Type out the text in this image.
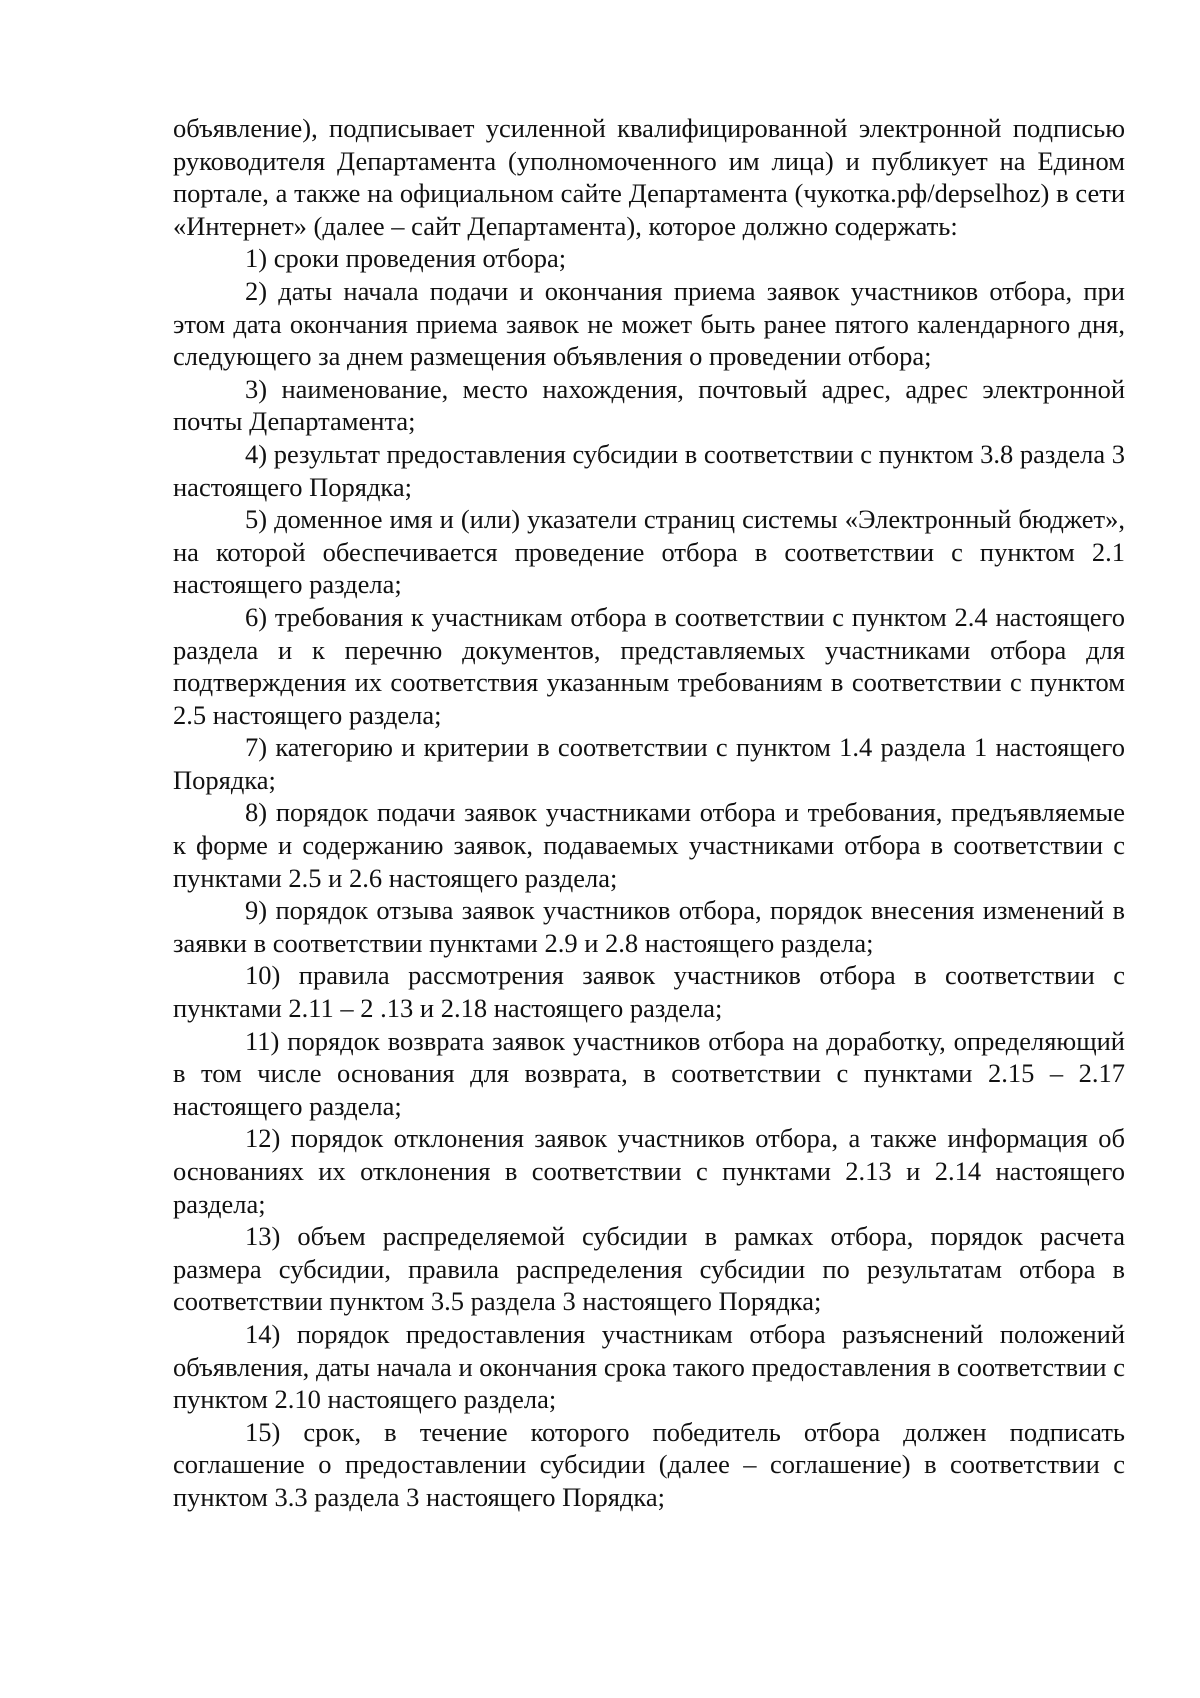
объявление), подписывает усиленной квалифицированной электронной подписью руководителя Департамента (уполномоченного им лица) и публикует на Едином портале, а также на официальном сайте Департамента (чукотка.рф/depselhoz) в сети «Интернет» (далее – сайт Департамента), которое должно содержать:

1) сроки проведения отбора;

2) даты начала подачи и окончания приема заявок участников отбора, при этом дата окончания приема заявок не может быть ранее пятого календарного дня, следующего за днем размещения объявления о проведении отбора;

3) наименование, место нахождения, почтовый адрес, адрес электронной почты Департамента;

4) результат предоставления субсидии в соответствии с пунктом 3.8 раздела 3 настоящего Порядка;

5) доменное имя и (или) указатели страниц системы «Электронный бюджет», на которой обеспечивается проведение отбора в соответствии с пунктом 2.1 настоящего раздела;

6) требования к участникам отбора в соответствии с пунктом 2.4 настоящего раздела и к перечню документов, представляемых участниками отбора для подтверждения их соответствия указанным требованиям в соответствии с пунктом 2.5 настоящего раздела;

7) категорию и критерии в соответствии с пунктом 1.4 раздела 1 настоящего Порядка;

8) порядок подачи заявок участниками отбора и требования, предъявляемые к форме и содержанию заявок, подаваемых участниками отбора в соответствии с пунктами 2.5 и 2.6 настоящего раздела;

9) порядок отзыва заявок участников отбора, порядок внесения изменений в заявки в соответствии пунктами 2.9 и 2.8 настоящего раздела;

10) правила рассмотрения заявок участников отбора в соответствии с пунктами 2.11 – 2 .13 и 2.18 настоящего раздела;

11) порядок возврата заявок участников отбора на доработку, определяющий в том числе основания для возврата, в соответствии с пунктами 2.15 – 2.17 настоящего раздела;

12) порядок отклонения заявок участников отбора, а также информация об основаниях их отклонения в соответствии с пунктами 2.13 и 2.14 настоящего раздела;

13) объем распределяемой субсидии в рамках отбора, порядок расчета размера субсидии, правила распределения субсидии по результатам отбора в соответствии пунктом 3.5 раздела 3 настоящего Порядка;

14) порядок предоставления участникам отбора разъяснений положений объявления, даты начала и окончания срока такого предоставления в соответствии с пунктом 2.10 настоящего раздела;

15) срок, в течение которого победитель отбора должен подписать соглашение о предоставлении субсидии (далее – соглашение) в соответствии с пунктом 3.3 раздела 3 настоящего Порядка;
